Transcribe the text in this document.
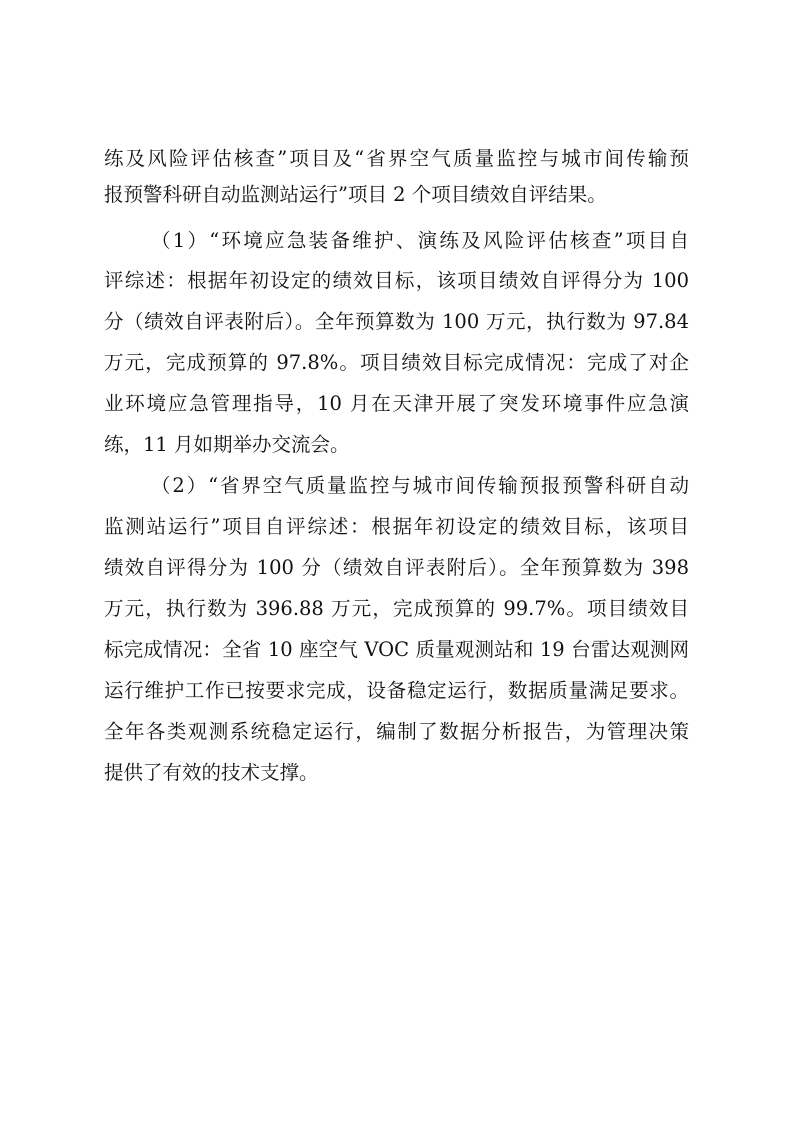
练及风险评估核查”项目及“省界空气质量监控与城市间传输预
报预警科研自动监测站运行”项目 2 个项目绩效自评结果。
（1）“环境应急装备维护、演练及风险评估核查”项目自
评综述：根据年初设定的绩效目标，该项目绩效自评得分为 100
分（绩效自评表附后）。全年预算数为 100 万元，执行数为 97.84
万元，完成预算的 97.8%。项目绩效目标完成情况：完成了对企
业环境应急管理指导，10 月在天津开展了突发环境事件应急演
练，11 月如期举办交流会。
（2）“省界空气质量监控与城市间传输预报预警科研自动
监测站运行”项目自评综述：根据年初设定的绩效目标，该项目
绩效自评得分为 100 分（绩效自评表附后）。全年预算数为 398
万元，执行数为 396.88 万元，完成预算的 99.7%。项目绩效目
标完成情况：全省 10 座空气 VOC 质量观测站和 19 台雷达观测网
运行维护工作已按要求完成，设备稳定运行，数据质量满足要求。
全年各类观测系统稳定运行，编制了数据分析报告，为管理决策
提供了有效的技术支撑。
